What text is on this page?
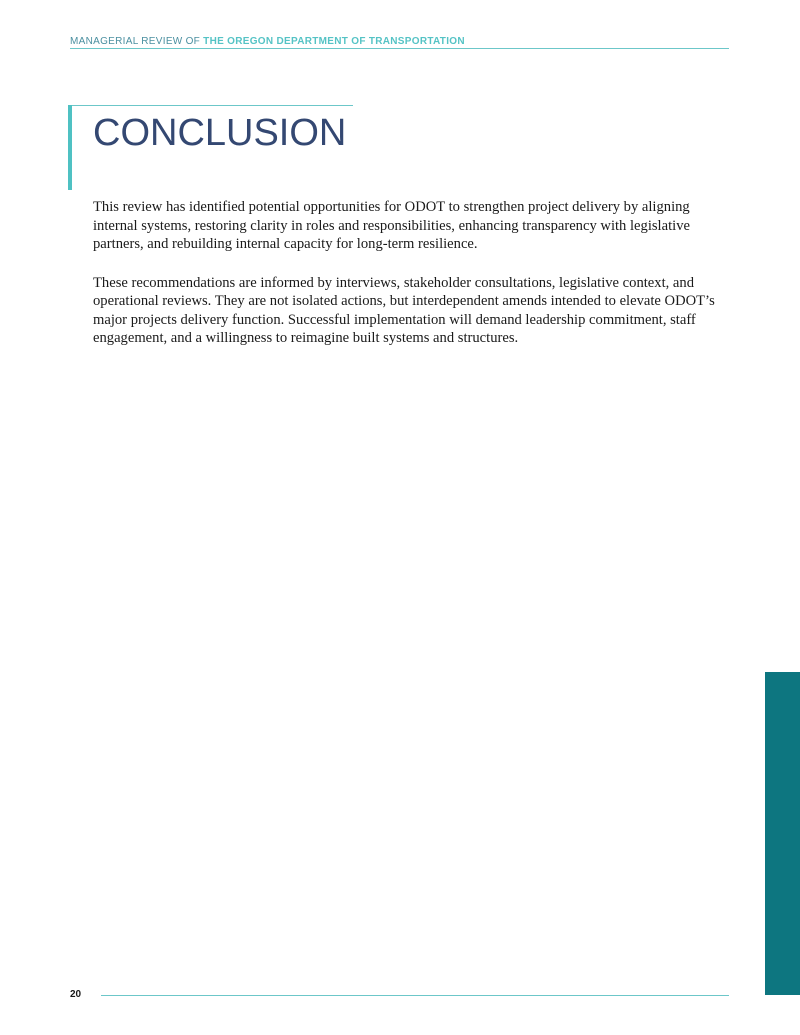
MANAGERIAL REVIEW OF THE OREGON DEPARTMENT OF TRANSPORTATION
CONCLUSION

This review has identified potential opportunities for ODOT to strengthen project delivery by aligning internal systems, restoring clarity in roles and responsibilities, enhancing transparency with legislative partners, and rebuilding internal capacity for long-term resilience.

These recommendations are informed by interviews, stakeholder consultations, legislative context, and operational reviews. They are not isolated actions, but interdependent amends intended to elevate ODOT’s major projects delivery function. Successful implementation will demand leadership commitment, staff engagement, and a willingness to reimagine built systems and structures.

20
